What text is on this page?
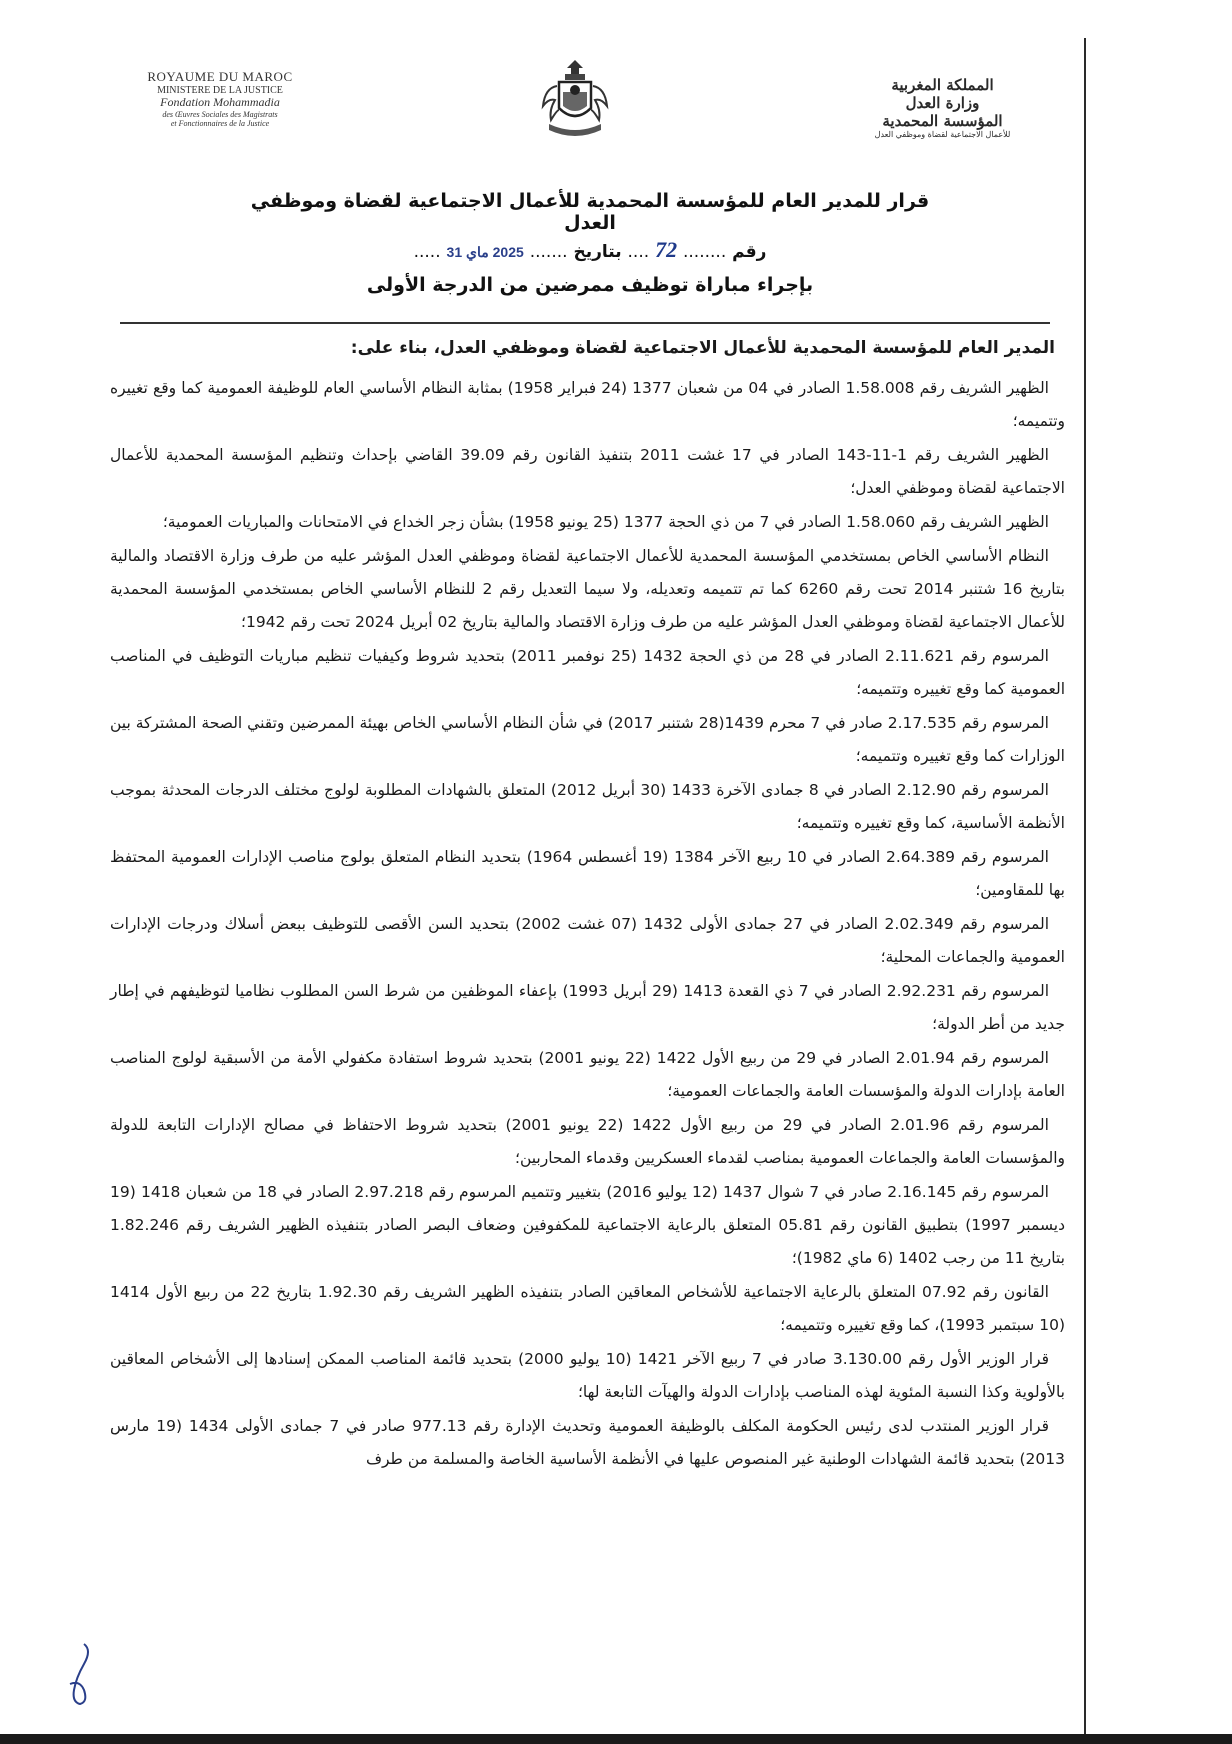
ROYAUME DU MAROC
MINISTERE DE LA JUSTICE
Fondation Mohammadia
des Œuvres Sociales des Magistrats
et Fonctionnaires de la Justice
المملكة المغربية
وزارة العدل
المؤسسة المحمدية
للأعمال الاجتماعية لقضاة وموظفي العدل
قرار للمدير العام للمؤسسة المحمدية للأعمال الاجتماعية لقضاة وموظفي العدل
رقم ........ 72 .... بتاريخ ....... 2025 ماي 31 .....
بإجراء مباراة توظيف ممرضين من الدرجة الأولى
المدير العام للمؤسسة المحمدية للأعمال الاجتماعية لقضاة وموظفي العدل، بناء على:

الظهير الشريف رقم 1.58.008 الصادر في 04 من شعبان 1377 (24 فبراير 1958) بمثابة النظام الأساسي العام للوظيفة العمومية كما وقع تغييره وتتميمه؛

الظهير الشريف رقم 1-11-143 الصادر في 17 غشت 2011 بتنفيذ القانون رقم 39.09 القاضي بإحداث وتنظيم المؤسسة المحمدية للأعمال الاجتماعية لقضاة وموظفي العدل؛

الظهير الشريف رقم 1.58.060 الصادر في 7 من ذي الحجة 1377 (25 يونيو 1958) بشأن زجر الخداع في الامتحانات والمباريات العمومية؛

النظام الأساسي الخاص بمستخدمي المؤسسة المحمدية للأعمال الاجتماعية لقضاة وموظفي العدل المؤشر عليه من طرف وزارة الاقتصاد والمالية بتاريخ 16 شتنبر 2014 تحت رقم 6260 كما تم تتميمه وتعديله، ولا سيما التعديل رقم 2 للنظام الأساسي الخاص بمستخدمي المؤسسة المحمدية للأعمال الاجتماعية لقضاة وموظفي العدل المؤشر عليه من طرف وزارة الاقتصاد والمالية بتاريخ 02 أبريل 2024 تحت رقم 1942؛

المرسوم رقم 2.11.621 الصادر في 28 من ذي الحجة 1432 (25 نوفمبر 2011) بتحديد شروط وكيفيات تنظيم مباريات التوظيف في المناصب العمومية كما وقع تغييره وتتميمه؛

المرسوم رقم 2.17.535 صادر في 7 محرم 1439(28 شتنبر 2017) في شأن النظام الأساسي الخاص بهيئة الممرضين وتقني الصحة المشتركة بين الوزارات كما وقع تغييره وتتميمه؛

المرسوم رقم 2.12.90 الصادر في 8 جمادى الآخرة 1433 (30 أبريل 2012) المتعلق بالشهادات المطلوبة لولوج مختلف الدرجات المحدثة بموجب الأنظمة الأساسية، كما وقع تغييره وتتميمه؛

المرسوم رقم 2.64.389 الصادر في 10 ربيع الآخر 1384 (19 أغسطس 1964) بتحديد النظام المتعلق بولوج مناصب الإدارات العمومية المحتفظ بها للمقاومين؛

المرسوم رقم 2.02.349 الصادر في 27 جمادى الأولى 1432 (07 غشت 2002) بتحديد السن الأقصى للتوظيف ببعض أسلاك ودرجات الإدارات العمومية والجماعات المحلية؛

المرسوم رقم 2.92.231 الصادر في 7 ذي القعدة 1413 (29 أبريل 1993) بإعفاء الموظفين من شرط السن المطلوب نظاميا لتوظيفهم في إطار جديد من أطر الدولة؛

المرسوم رقم 2.01.94 الصادر في 29 من ربيع الأول 1422 (22 يونيو 2001) بتحديد شروط استفادة مكفولي الأمة من الأسبقية لولوج المناصب العامة بإدارات الدولة والمؤسسات العامة والجماعات العمومية؛

المرسوم رقم 2.01.96 الصادر في 29 من ربيع الأول 1422 (22 يونيو 2001) بتحديد شروط الاحتفاظ في مصالح الإدارات التابعة للدولة والمؤسسات العامة والجماعات العمومية بمناصب لقدماء العسكريين وقدماء المحاربين؛

المرسوم رقم 2.16.145 صادر في 7 شوال 1437 (12 يوليو 2016) بتغيير وتتميم المرسوم رقم 2.97.218 الصادر في 18 من شعبان 1418 (19 ديسمبر 1997) بتطبيق القانون رقم 05.81 المتعلق بالرعاية الاجتماعية للمكفوفين وضعاف البصر الصادر بتنفيذه الظهير الشريف رقم 1.82.246 بتاريخ 11 من رجب 1402 (6 ماي 1982)؛

القانون رقم 07.92 المتعلق بالرعاية الاجتماعية للأشخاص المعاقين الصادر بتنفيذه الظهير الشريف رقم 1.92.30 بتاريخ 22 من ربيع الأول 1414 (10 سبتمبر 1993)، كما وقع تغييره وتتميمه؛

قرار الوزير الأول رقم 3.130.00 صادر في 7 ربيع الآخر 1421 (10 يوليو 2000) بتحديد قائمة المناصب الممكن إسنادها إلى الأشخاص المعاقين بالأولوية وكذا النسبة المئوية لهذه المناصب بإدارات الدولة والهيآت التابعة لها؛

قرار الوزير المنتدب لدى رئيس الحكومة المكلف بالوظيفة العمومية وتحديث الإدارة رقم 977.13 صادر في 7 جمادى الأولى 1434 (19 مارس 2013) بتحديد قائمة الشهادات الوطنية غير المنصوص عليها في الأنظمة الأساسية الخاصة والمسلمة من طرف
